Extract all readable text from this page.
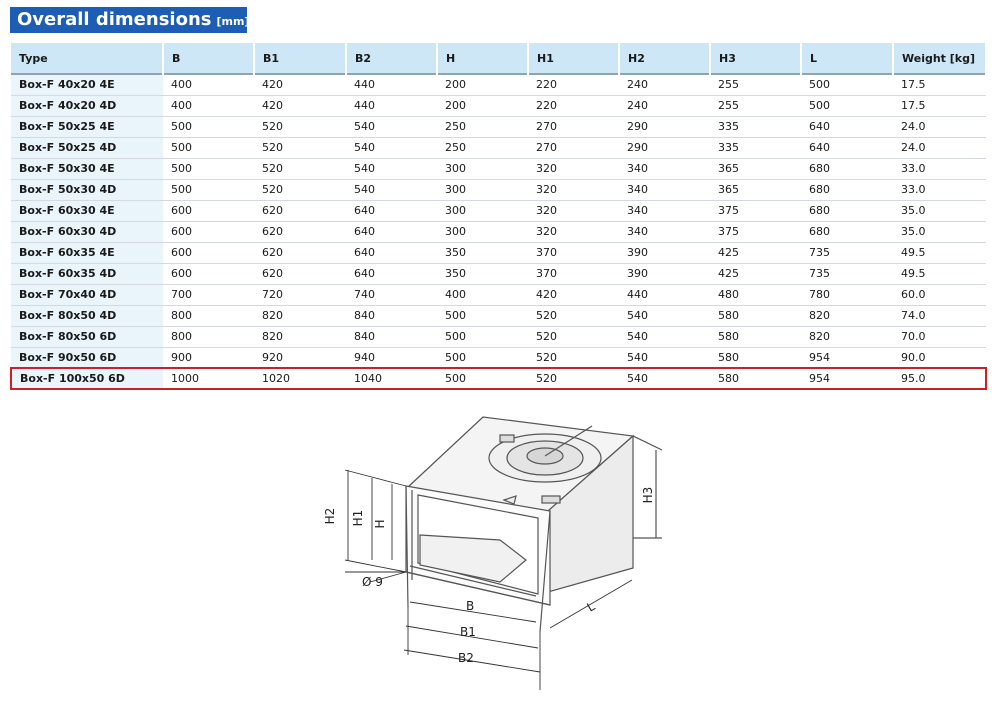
Overall dimensions [mm]
Type	B	B1	B2	H	H1	H2	H3	L	Weight [kg]
Box-F 40x20 4E	400	420	440	200	220	240	255	500	17.5
Box-F 40x20 4D	400	420	440	200	220	240	255	500	17.5
Box-F 50x25 4E	500	520	540	250	270	290	335	640	24.0
Box-F 50x25 4D	500	520	540	250	270	290	335	640	24.0
Box-F 50x30 4E	500	520	540	300	320	340	365	680	33.0
Box-F 50x30 4D	500	520	540	300	320	340	365	680	33.0
Box-F 60x30 4E	600	620	640	300	320	340	375	680	35.0
Box-F 60x30 4D	600	620	640	300	320	340	375	680	35.0
Box-F 60x35 4E	600	620	640	350	370	390	425	735	49.5
Box-F 60x35 4D	600	620	640	350	370	390	425	735	49.5
Box-F 70x40 4D	700	720	740	400	420	440	480	780	60.0
Box-F 80x50 4D	800	820	840	500	520	540	580	820	74.0
Box-F 80x50 6D	800	820	840	500	520	540	580	820	70.0
Box-F 90x50 6D	900	920	940	500	520	540	580	954	90.0
Box-F 100x50 6D	1000	1020	1040	500	520	540	580	954	95.0
H2 H1 H
H3
Ø 9
B
B1
B2
L
